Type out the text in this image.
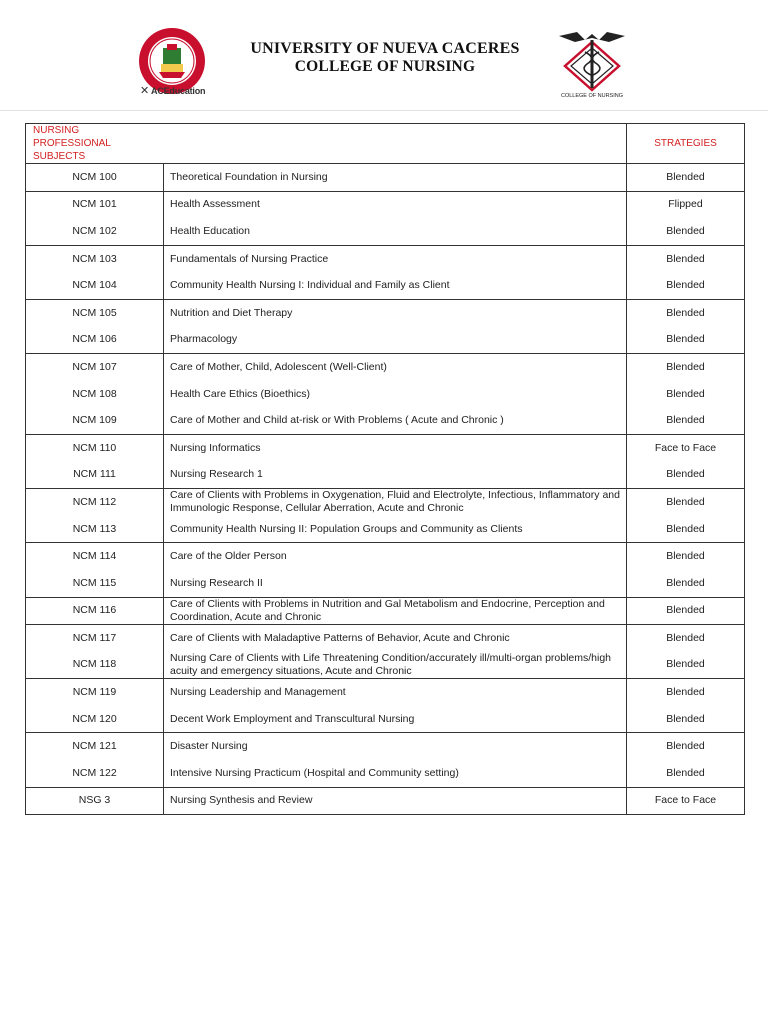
✕ ACEducation
UNIVERSITY OF NUEVA CACERES
COLLEGE OF NURSING
COLLEGE OF NURSING
NURSING PROFESSIONAL SUBJECTS		STRATEGIES
NCM 100	Theoretical Foundation in Nursing	Blended
NCM 101	Health Assessment	Flipped
NCM 102	Health Education	Blended
NCM 103	Fundamentals of Nursing Practice	Blended
NCM 104	Community Health Nursing I: Individual and Family as Client	Blended
NCM 105	Nutrition and Diet Therapy	Blended
NCM 106	Pharmacology	Blended
NCM 107	Care of Mother, Child, Adolescent (Well-Client)	Blended
NCM 108	Health Care Ethics (Bioethics)	Blended
NCM 109	Care of Mother and Child at-risk or With Problems ( Acute and Chronic )	Blended
NCM 110	Nursing Informatics	Face to Face
NCM 111	Nursing Research 1	Blended
NCM 112	Care of Clients with Problems in Oxygenation, Fluid and Electrolyte, Infectious, Inflammatory and Immunologic Response, Cellular Aberration, Acute and Chronic	Blended
NCM 113	Community Health Nursing II: Population Groups and Community as Clients	Blended
NCM 114	Care of the Older Person	Blended
NCM 115	Nursing Research II	Blended
NCM 116	Care of Clients with Problems in Nutrition and Gal Metabolism and Endocrine, Perception and Coordination, Acute and Chronic	Blended
NCM 117	Care of Clients with Maladaptive Patterns of Behavior, Acute and Chronic	Blended
NCM 118	Nursing Care of Clients with Life Threatening Condition/accurately ill/multi-organ problems/high acuity and emergency situations, Acute and Chronic	Blended
NCM 119	Nursing Leadership and Management	Blended
NCM 120	Decent Work Employment and Transcultural Nursing	Blended
NCM 121	Disaster Nursing	Blended
NCM 122	Intensive Nursing Practicum (Hospital and Community setting)	Blended
NSG 3	Nursing Synthesis and Review	Face to Face
